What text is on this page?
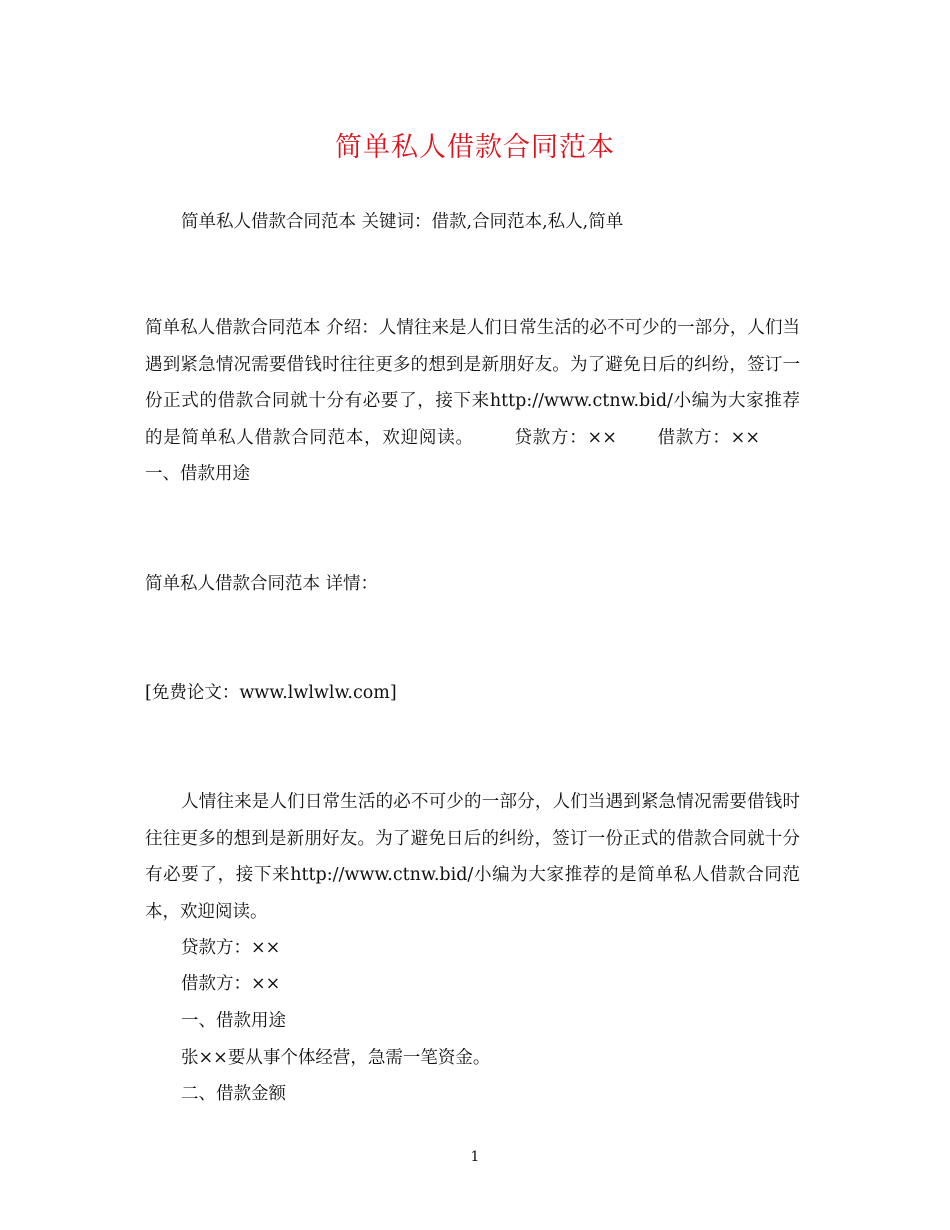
简单私人借款合同范本

简单私人借款合同范本 关键词：借款,合同范本,私人,简单

简单私人借款合同范本 介绍：人情往来是人们日常生活的必不可少的一部分，人们当遇到紧急情况需要借钱时往往更多的想到是新朋好友。为了避免日后的纠纷，签订一份正式的借款合同就十分有必要了，接下来http://www.ctnw.bid/小编为大家推荐的是简单私人借款合同范本，欢迎阅读。 贷款方：×× 借款方：××一、借款用途

简单私人借款合同范本 详情：

[免费论文：www.lwlwlw.com]

人情往来是人们日常生活的必不可少的一部分，人们当遇到紧急情况需要借钱时往往更多的想到是新朋好友。为了避免日后的纠纷，签订一份正式的借款合同就十分有必要了，接下来http://www.ctnw.bid/小编为大家推荐的是简单私人借款合同范本，欢迎阅读。

贷款方：××
借款方：××
一、借款用途
张××要从事个体经营，急需一笔资金。
二、借款金额
1
